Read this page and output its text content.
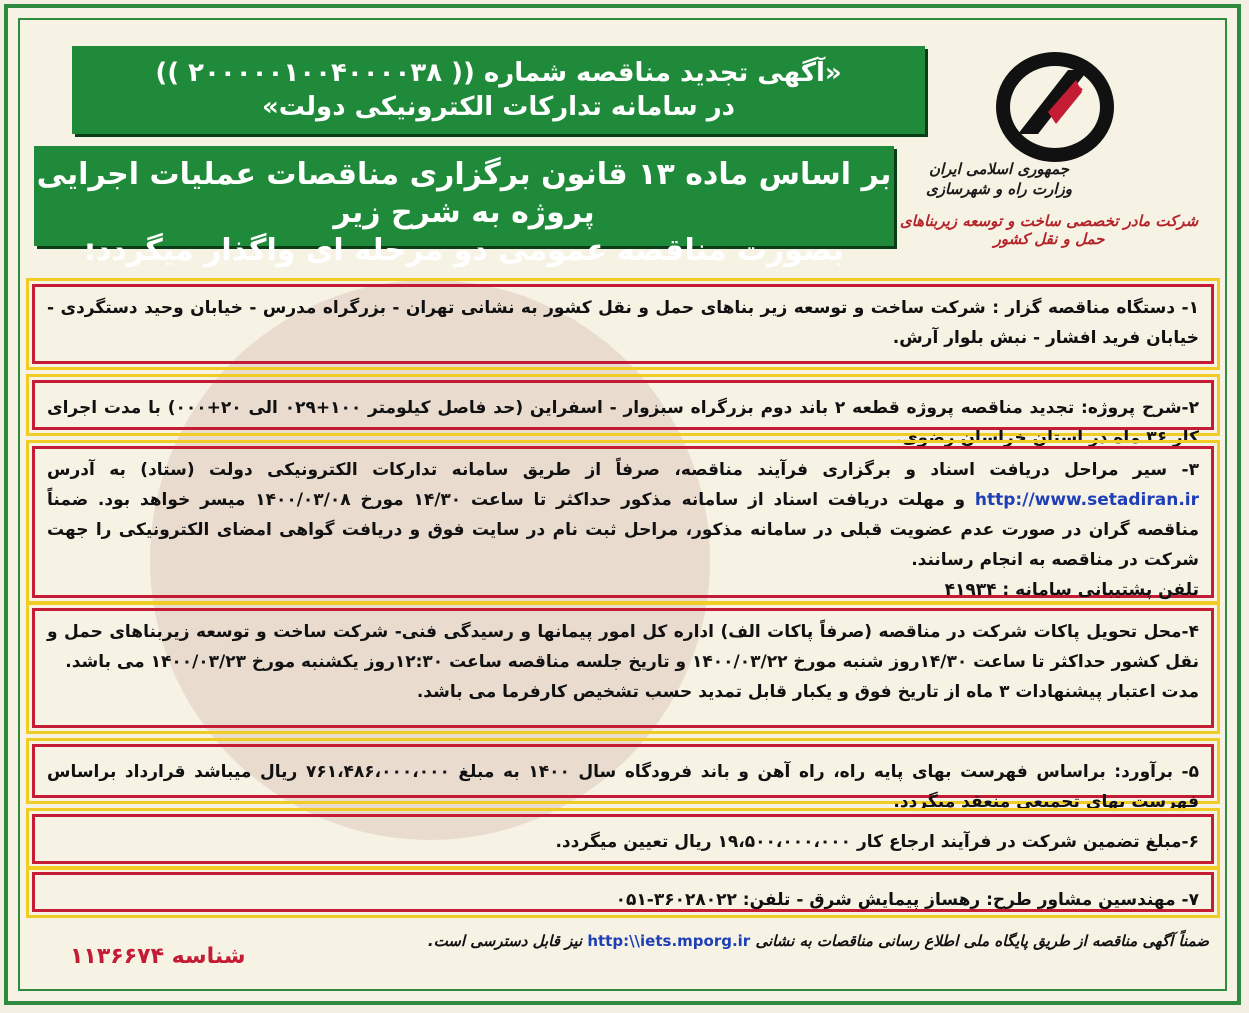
«آگهی تجدید مناقصه شماره (( ۲۰۰۰۰۰۱۰۰۴۰۰۰۰۳۸ ))
در سامانه تدارکات الکترونیکی دولت»
بر اساس ماده ۱۳ قانون برگزاری مناقصات عملیات اجرایی پروژه به شرح زیر
بصورت مناقصه عمومی دو مرحله ای واگذار میگردد:
جمهوری اسلامی ایران
وزارت راه و شهرسازی
شرکت مادر تخصصی ساخت و توسعه زیربناهای حمل و نقل کشور
۱- دستگاه مناقصه گزار : شرکت ساخت و توسعه زیر بناهای حمل و نقل کشور به نشانی تهران - بزرگراه مدرس - خیابان وحید دستگردی - خیابان فرید افشار - نبش بلوار آرش.
۲-شرح پروژه: تجدید مناقصه پروژه قطعه ۲ باند دوم بزرگراه سبزوار - اسفراین (حد فاصل کیلومتر ۱۰۰+۰۲۹ الی ۲۰+۰۰۰) با مدت اجرای کار ۳۶ ماه در استان خراسان رضوی.
۳- سیر مراحل دریافت اسناد و برگزاری فرآیند مناقصه، صرفاً از طریق سامانه تدارکات الکترونیکی دولت (ستاد) به آدرس http://www.setadiran.ir و مهلت دریافت اسناد از سامانه مذکور حداکثر تا ساعت ۱۴/۳۰ مورخ ۱۴۰۰/۰۳/۰۸ میسر خواهد بود. ضمناً مناقصه گران در صورت عدم عضویت قبلی در سامانه مذکور، مراحل ثبت نام در سایت فوق و دریافت گواهی امضای الکترونیکی را جهت شرکت در مناقصه به انجام رسانند.
تلفن پشتیبانی سامانه : ۴۱۹۳۴
۴-محل تحویل پاکات شرکت در مناقصه (صرفاً پاکات الف) اداره کل امور پیمانها و رسیدگی فنی- شرکت ساخت و توسعه زیربناهای حمل و نقل کشور حداکثر تا ساعت ۱۴/۳۰روز شنبه مورخ ۱۴۰۰/۰۳/۲۲ و تاریخ جلسه مناقصه ساعت ۱۲:۳۰روز یکشنبه مورخ ۱۴۰۰/۰۳/۲۳ می باشد.
مدت اعتبار پیشنهادات ۳ ماه از تاریخ فوق و یکبار قابل تمدید حسب تشخیص کارفرما می باشد.
۵- برآورد: براساس فهرست بهای پایه راه، راه آهن و باند فرودگاه سال ۱۴۰۰ به مبلغ ۷۶۱،۴۸۶،۰۰۰،۰۰۰ ریال میباشد قرارداد براساس فهرست بهای تجمیعی منعقد میگردد.
۶-مبلغ تضمین شرکت در فرآیند ارجاع کار ۱۹،۵۰۰،۰۰۰،۰۰۰ ریال تعیین میگردد.
۷- مهندسین مشاور طرح: رهساز پیمایش شرق - تلفن: ۳۶۰۲۸۰۲۲-۰۵۱
ضمناً آگهی مناقصه از طریق پایگاه ملی اطلاع رسانی مناقصات به نشانی http:\\iets.mporg.ir نیز قابل دسترسی است.
شناسه ۱۱۳۶۶۷۴
